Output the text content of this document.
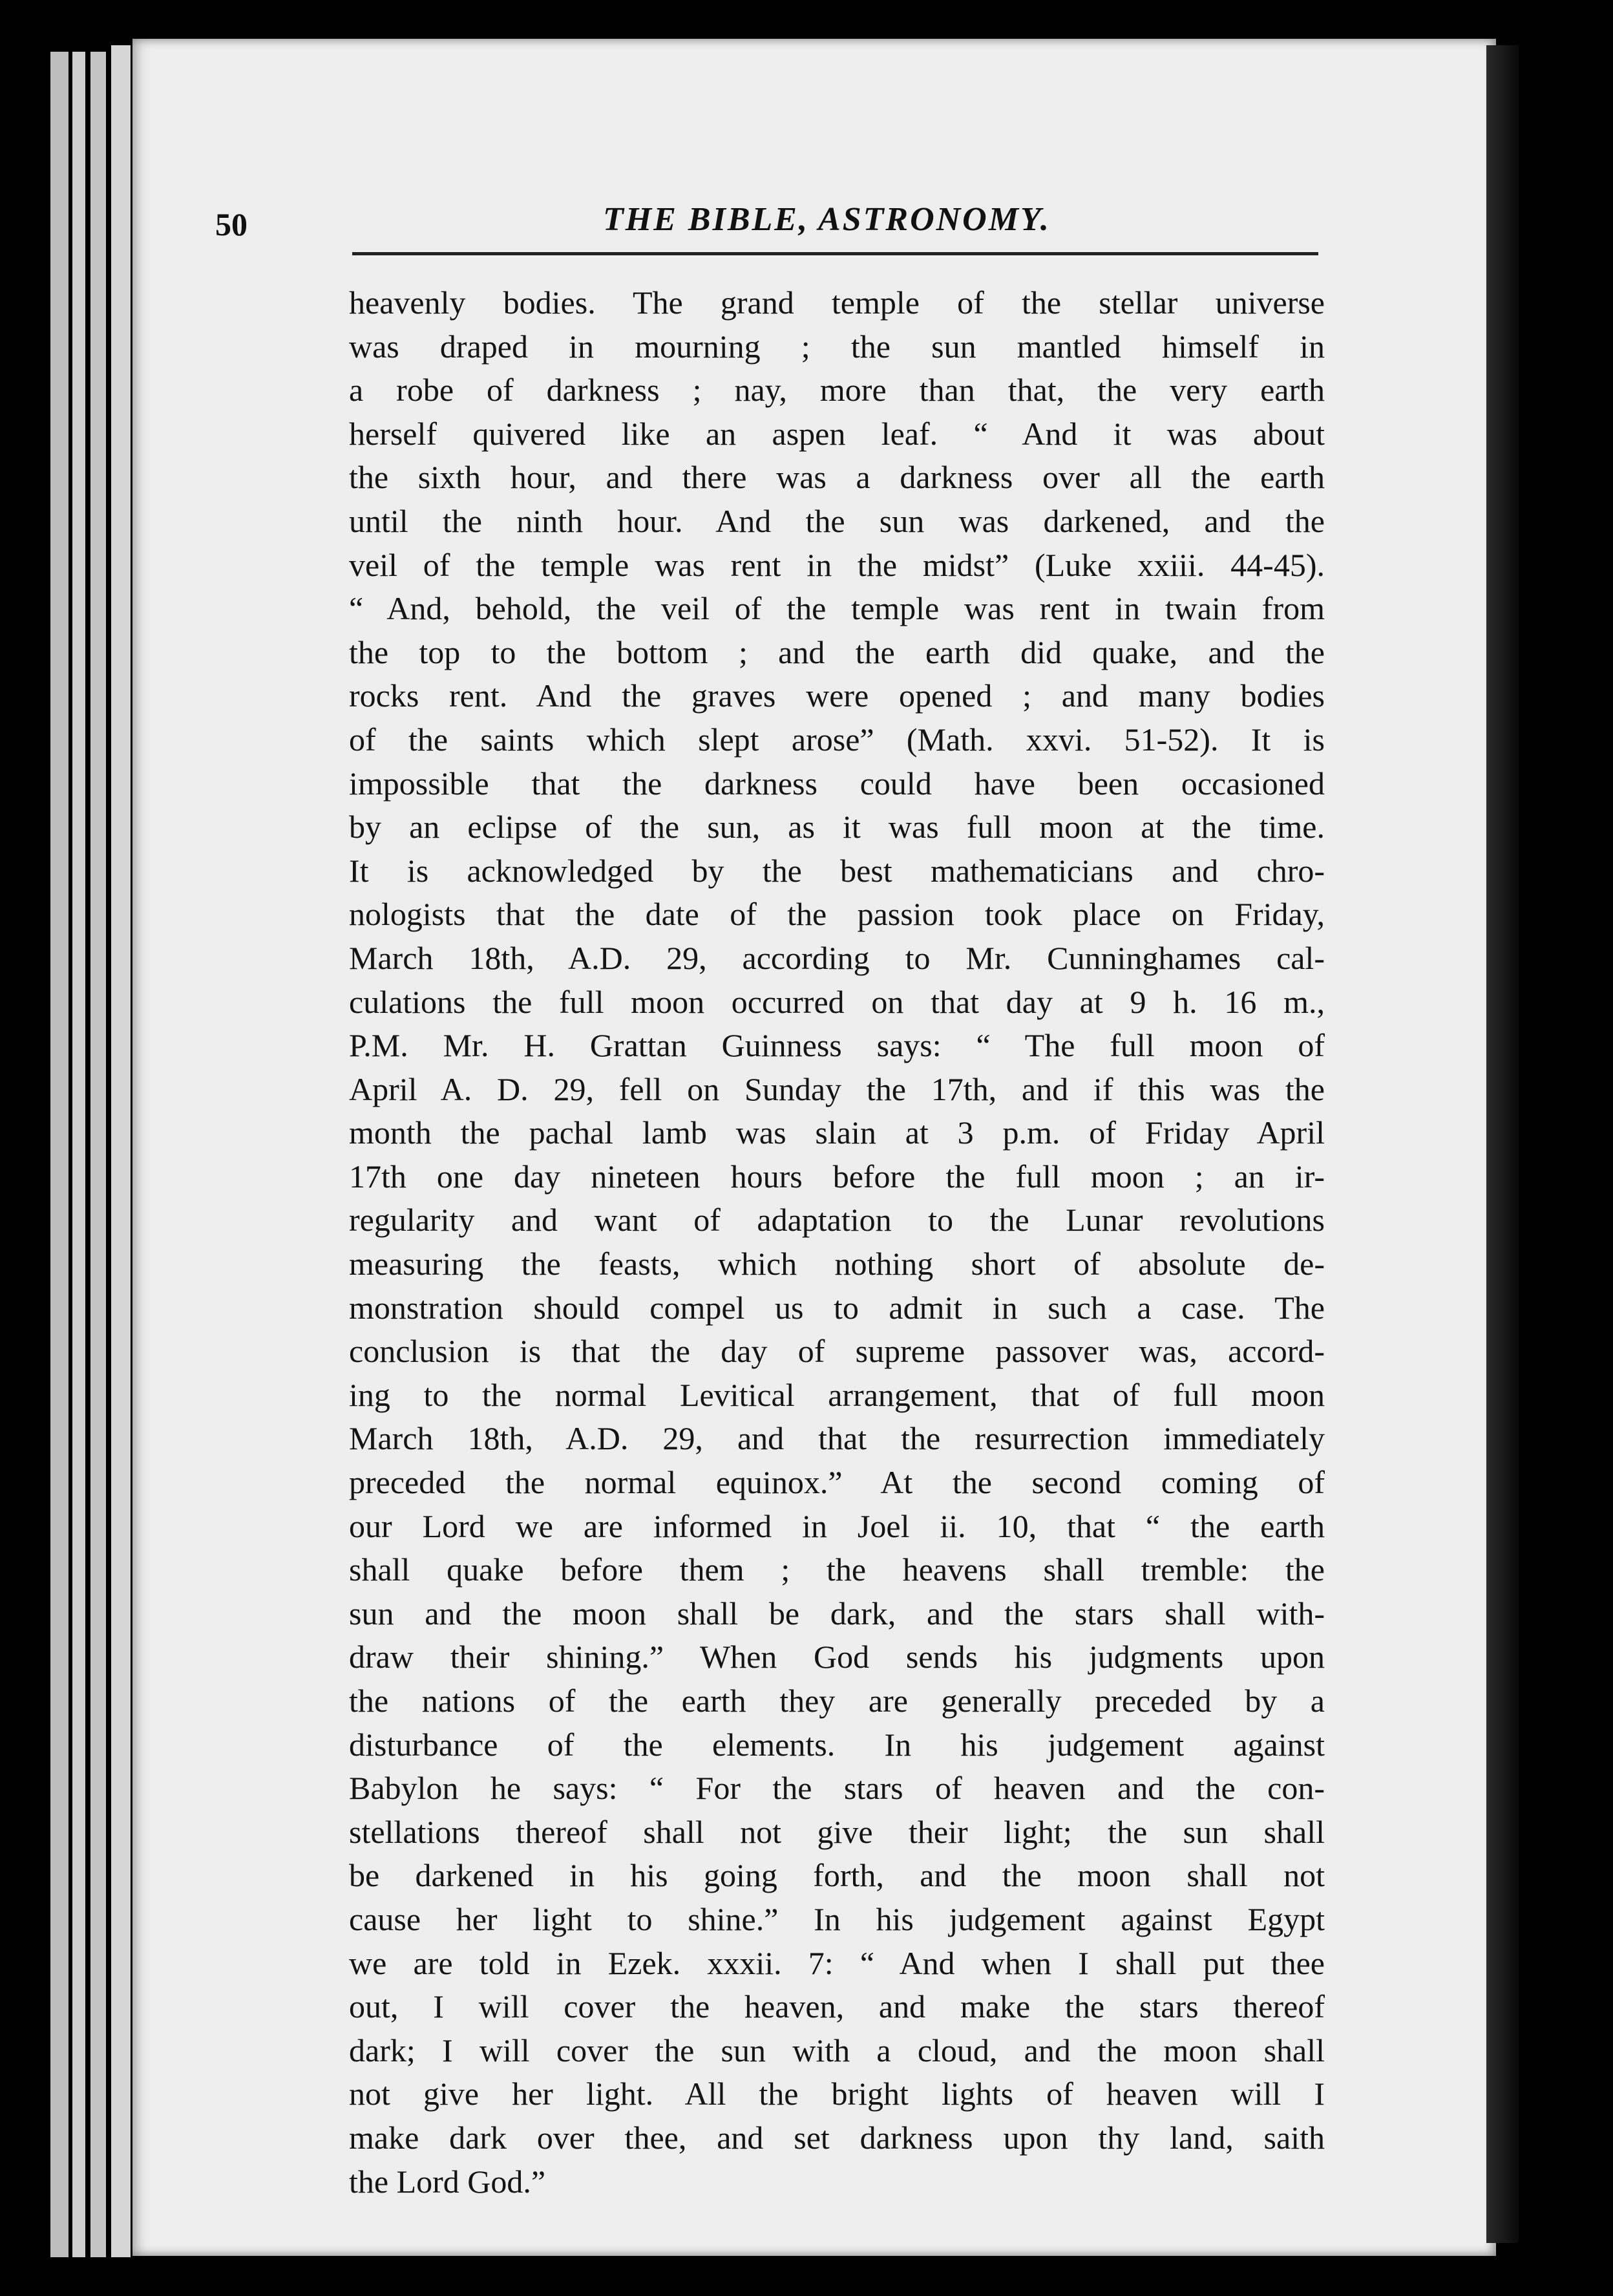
50	THE BIBLE, ASTRONOMY.
heavenly bodies. The grand temple of the stellar universe
was draped in mourning ; the sun mantled himself in
a robe of darkness ; nay, more than that, the very earth
herself quivered like an aspen leaf. “ And it was about
the sixth hour, and there was a darkness over all the earth
until the ninth hour. And the sun was darkened, and the
veil of the temple was rent in the midst” (Luke xxiii. 44-45).
“ And, behold, the veil of the temple was rent in twain from
the top to the bottom ; and the earth did quake, and the
rocks rent. And the graves were opened ; and many bodies
of the saints which slept arose” (Math. xxvi. 51-52). It is
impossible that the darkness could have been occasioned
by an eclipse of the sun, as it was full moon at the time.
It is acknowledged by the best mathematicians and chro-
nologists that the date of the passion took place on Friday,
March 18th, A.D. 29, according to Mr. Cunninghames cal-
culations the full moon occurred on that day at 9 h. 16 m.,
P.M. Mr. H. Grattan Guinness says: “ The full moon of
April A. D. 29, fell on Sunday the 17th, and if this was the
month the pachal lamb was slain at 3 p.m. of Friday April
17th one day nineteen hours before the full moon ; an ir-
regularity and want of adaptation to the Lunar revolutions
measuring the feasts, which nothing short of absolute de-
monstration should compel us to admit in such a case. The
conclusion is that the day of supreme passover was, accord-
ing to the normal Levitical arrangement, that of full moon
March 18th, A.D. 29, and that the resurrection immediately
preceded the normal equinox.” At the second coming of
our Lord we are informed in Joel ii. 10, that “ the earth
shall quake before them ; the heavens shall tremble: the
sun and the moon shall be dark, and the stars shall with-
draw their shining.” When God sends his judgments upon
the nations of the earth they are generally preceded by a
disturbance of the elements. In his judgement against
Babylon he says: “ For the stars of heaven and the con-
stellations thereof shall not give their light; the sun shall
be darkened in his going forth, and the moon shall not
cause her light to shine.” In his judgement against Egypt
we are told in Ezek. xxxii. 7: “ And when I shall put thee
out, I will cover the heaven, and make the stars thereof
dark; I will cover the sun with a cloud, and the moon shall
not give her light. All the bright lights of heaven will I
make dark over thee, and set darkness upon thy land, saith
the Lord God.”
